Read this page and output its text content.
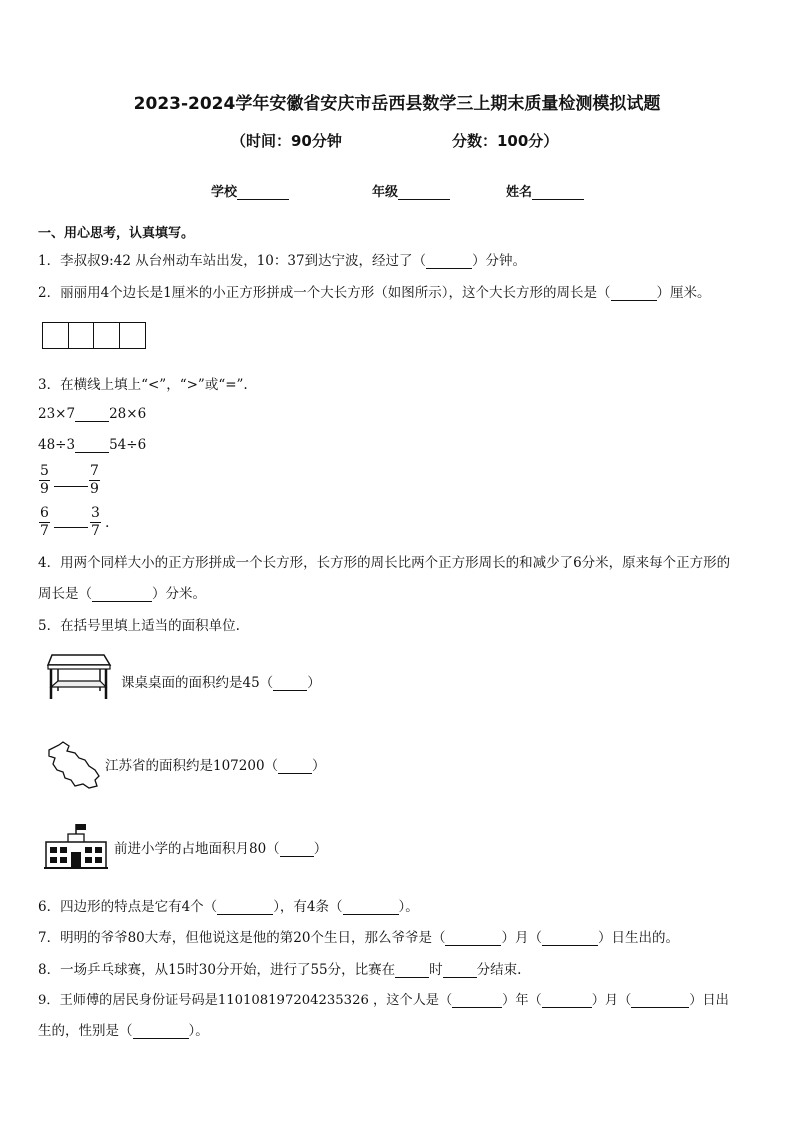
2023-2024学年安徽省安庆市岳西县数学三上期末质量检测模拟试题
（时间：90分钟	分数：100分）
学校	年级	姓名
一、用心思考，认真填写。
1．李叔叔9:42 从台州动车站出发，10：37到达宁波，经过了（	）分钟。
2．丽丽用4个边长是1厘米的小正方形拼成一个大长方形（如图所示），这个大长方形的周长是（	）厘米。
3．在横线上填上“<”，“>”或“=”.
23×7	28×6
48÷3	54÷6
$\frac{5}{9}$	$\frac{7}{9}$
$\frac{6}{7}$	$\frac{3}{7}$ .
4．用两个同样大小的正方形拼成一个长方形，长方形的周长比两个正方形周长的和减少了6分米，原来每个正方形的
周长是（	）分米。
5．在括号里填上适当的面积单位.
课桌桌面的面积约是45（	）
江苏省的面积约是107200（	）
前进小学的占地面积月80（	）
6．四边形的特点是它有4个（	），有4条（	）。
7．明明的爷爷80大寿，但他说这是他的第20个生日，那么爷爷是（	）月（	）日生出的。
8．一场乒乓球赛，从15时30分开始，进行了55分，比赛在	时	分结束.
9．王师傅的居民身份证号码是110108197204235326 ，这个人是（	）年（	）月（	）日出
生的，性别是（	）。
